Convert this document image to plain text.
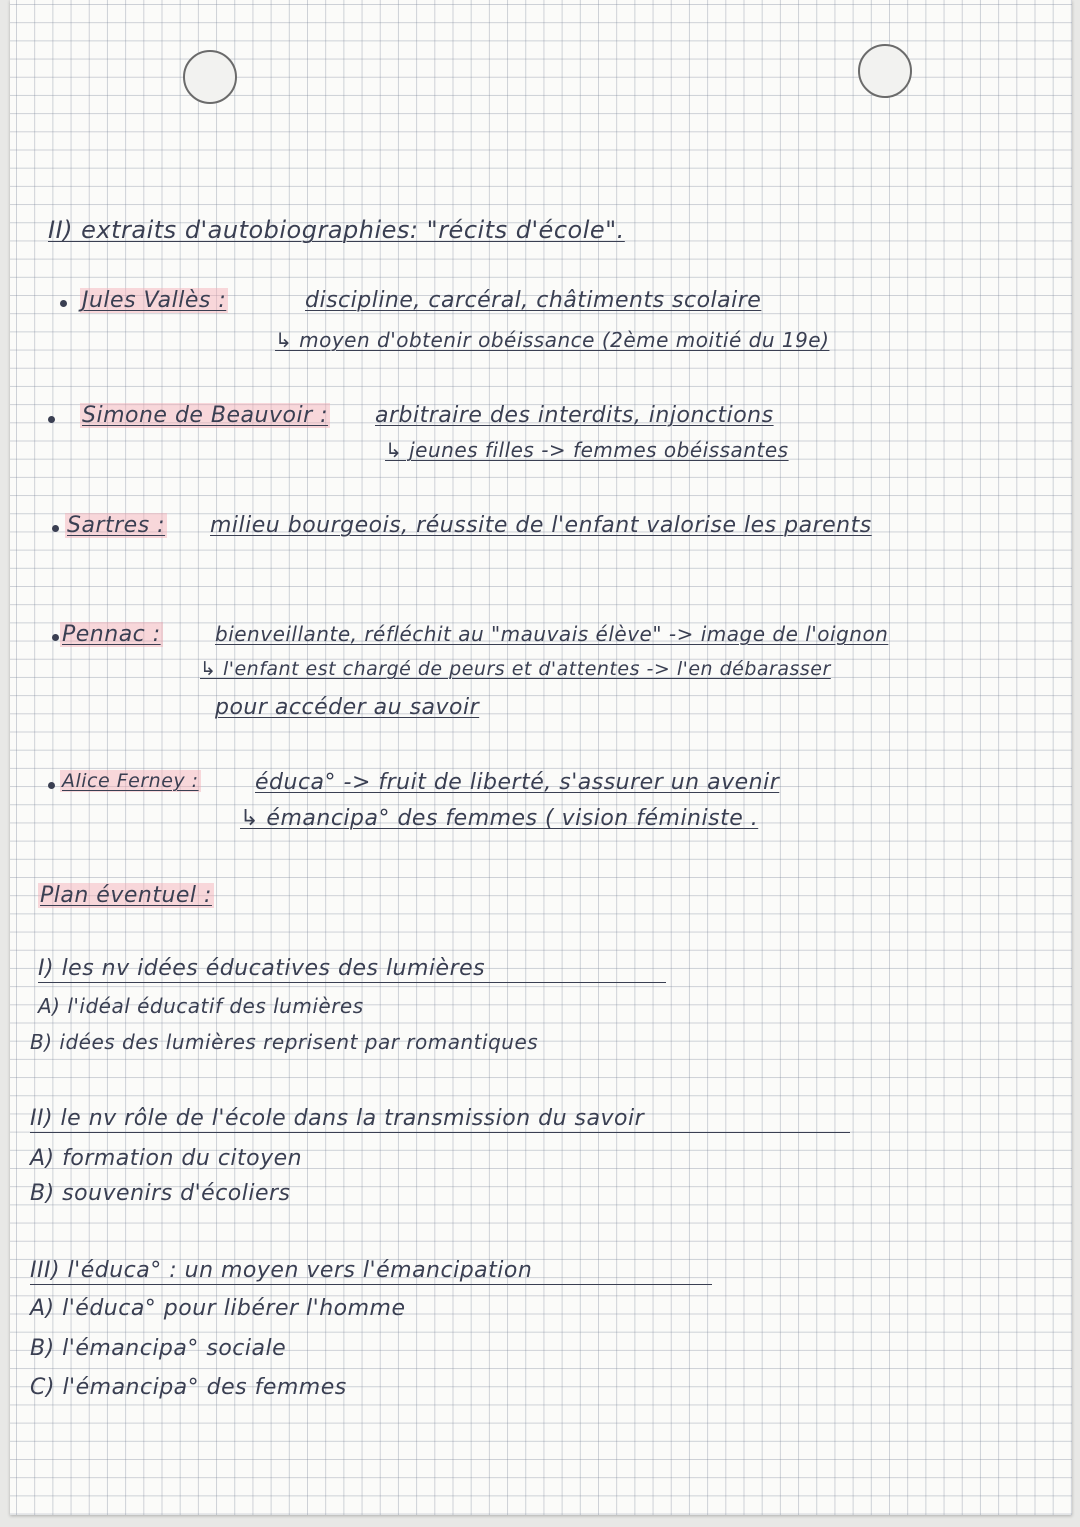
II) extraits d'autobiographies: "récits d'école".
Jules Vallès :	discipline, carcéral, châtiments scolaire
↳ moyen d'obtenir obéissance (2ème moitié du 19e)
Simone de Beauvoir : arbitraire des interdits, injonctions
↳ jeunes filles -> femmes obéissantes
Sartres : milieu bourgeois, réussite de l'enfant valorise les parents
Pennac :	bienveillante, réfléchit au "mauvais élève" -> image de l'oignon
↳ l'enfant est chargé de peurs et d'attentes -> l'en débarasser
pour accéder au savoir
Alice Ferney :	éduca° -> fruit de liberté, s'assurer un avenir
↳ émancipa° des femmes ( vision féministe .
Plan éventuel :
I) les nv idées éducatives des lumières
A) l'idéal éducatif des lumières
B) idées des lumières reprisent par romantiques
II) le nv rôle de l'école dans la transmission du savoir
A) formation du citoyen
B) souvenirs d'écoliers
III) l'éduca° : un moyen vers l'émancipation
A) l'éduca° pour libérer l'homme
B) l'émancipa° sociale
C) l'émancipa° des femmes
